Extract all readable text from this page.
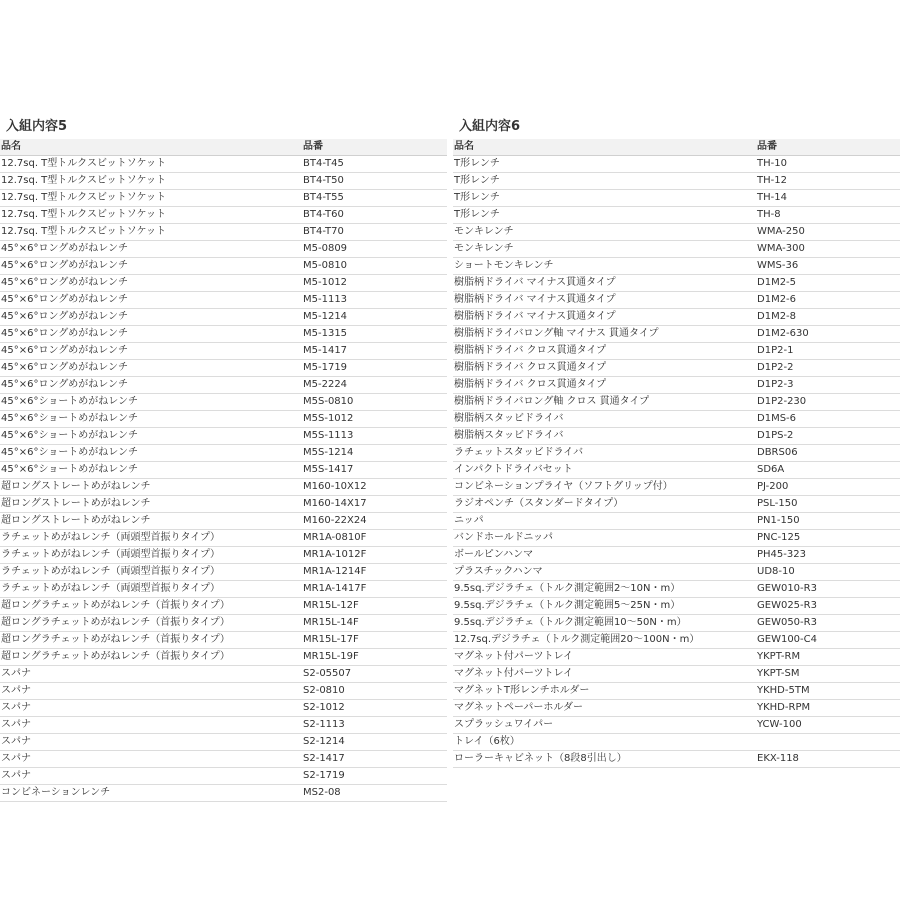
入組内容5
品名	品番
12.7sq. T型トルクスビットソケット	BT4-T45
12.7sq. T型トルクスビットソケット	BT4-T50
12.7sq. T型トルクスビットソケット	BT4-T55
12.7sq. T型トルクスビットソケット	BT4-T60
12.7sq. T型トルクスビットソケット	BT4-T70
45°×6°ロングめがねレンチ	M5-0809
45°×6°ロングめがねレンチ	M5-0810
45°×6°ロングめがねレンチ	M5-1012
45°×6°ロングめがねレンチ	M5-1113
45°×6°ロングめがねレンチ	M5-1214
45°×6°ロングめがねレンチ	M5-1315
45°×6°ロングめがねレンチ	M5-1417
45°×6°ロングめがねレンチ	M5-1719
45°×6°ロングめがねレンチ	M5-2224
45°×6°ショートめがねレンチ	M5S-0810
45°×6°ショートめがねレンチ	M5S-1012
45°×6°ショートめがねレンチ	M5S-1113
45°×6°ショートめがねレンチ	M5S-1214
45°×6°ショートめがねレンチ	M5S-1417
超ロングストレートめがねレンチ	M160-10X12
超ロングストレートめがねレンチ	M160-14X17
超ロングストレートめがねレンチ	M160-22X24
ラチェットめがねレンチ（両頭型首振りタイプ）	MR1A-0810F
ラチェットめがねレンチ（両頭型首振りタイプ）	MR1A-1012F
ラチェットめがねレンチ（両頭型首振りタイプ）	MR1A-1214F
ラチェットめがねレンチ（両頭型首振りタイプ）	MR1A-1417F
超ロングラチェットめがねレンチ（首振りタイプ）	MR15L-12F
超ロングラチェットめがねレンチ（首振りタイプ）	MR15L-14F
超ロングラチェットめがねレンチ（首振りタイプ）	MR15L-17F
超ロングラチェットめがねレンチ（首振りタイプ）	MR15L-19F
スパナ	S2-05507
スパナ	S2-0810
スパナ	S2-1012
スパナ	S2-1113
スパナ	S2-1214
スパナ	S2-1417
スパナ	S2-1719
コンビネーションレンチ	MS2-08
入組内容6
品名	品番
T形レンチ	TH-10
T形レンチ	TH-12
T形レンチ	TH-14
T形レンチ	TH-8
モンキレンチ	WMA-250
モンキレンチ	WMA-300
ショートモンキレンチ	WMS-36
樹脂柄ドライバ マイナス貫通タイプ	D1M2-5
樹脂柄ドライバ マイナス貫通タイプ	D1M2-6
樹脂柄ドライバ マイナス貫通タイプ	D1M2-8
樹脂柄ドライバロング軸 マイナス 貫通タイプ	D1M2-630
樹脂柄ドライバ クロス貫通タイプ	D1P2-1
樹脂柄ドライバ クロス貫通タイプ	D1P2-2
樹脂柄ドライバ クロス貫通タイプ	D1P2-3
樹脂柄ドライバロング軸 クロス 貫通タイプ	D1P2-230
樹脂柄スタッビドライバ	D1MS-6
樹脂柄スタッビドライバ	D1PS-2
ラチェットスタッビドライバ	DBRS06
インパクトドライバセット	SD6A
コンビネーションプライヤ（ソフトグリップ付）	PJ-200
ラジオペンチ（スタンダードタイプ）	PSL-150
ニッパ	PN1-150
バンドホールドニッパ	PNC-125
ボールピンハンマ	PH45-323
プラスチックハンマ	UD8-10
9.5sq.デジラチェ（トルク測定範囲2～10N・m）	GEW010-R3
9.5sq.デジラチェ（トルク測定範囲5～25N・m）	GEW025-R3
9.5sq.デジラチェ（トルク測定範囲10～50N・m）	GEW050-R3
12.7sq.デジラチェ（トルク測定範囲20～100N・m）	GEW100-C4
マグネット付パーツトレイ	YKPT-RM
マグネット付パーツトレイ	YKPT-SM
マグネットT形レンチホルダー	YKHD-5TM
マグネットペーパーホルダー	YKHD-RPM
スプラッシュワイパー	YCW-100
トレイ（6枚）	
ローラーキャビネット（8段8引出し）	EKX-118
